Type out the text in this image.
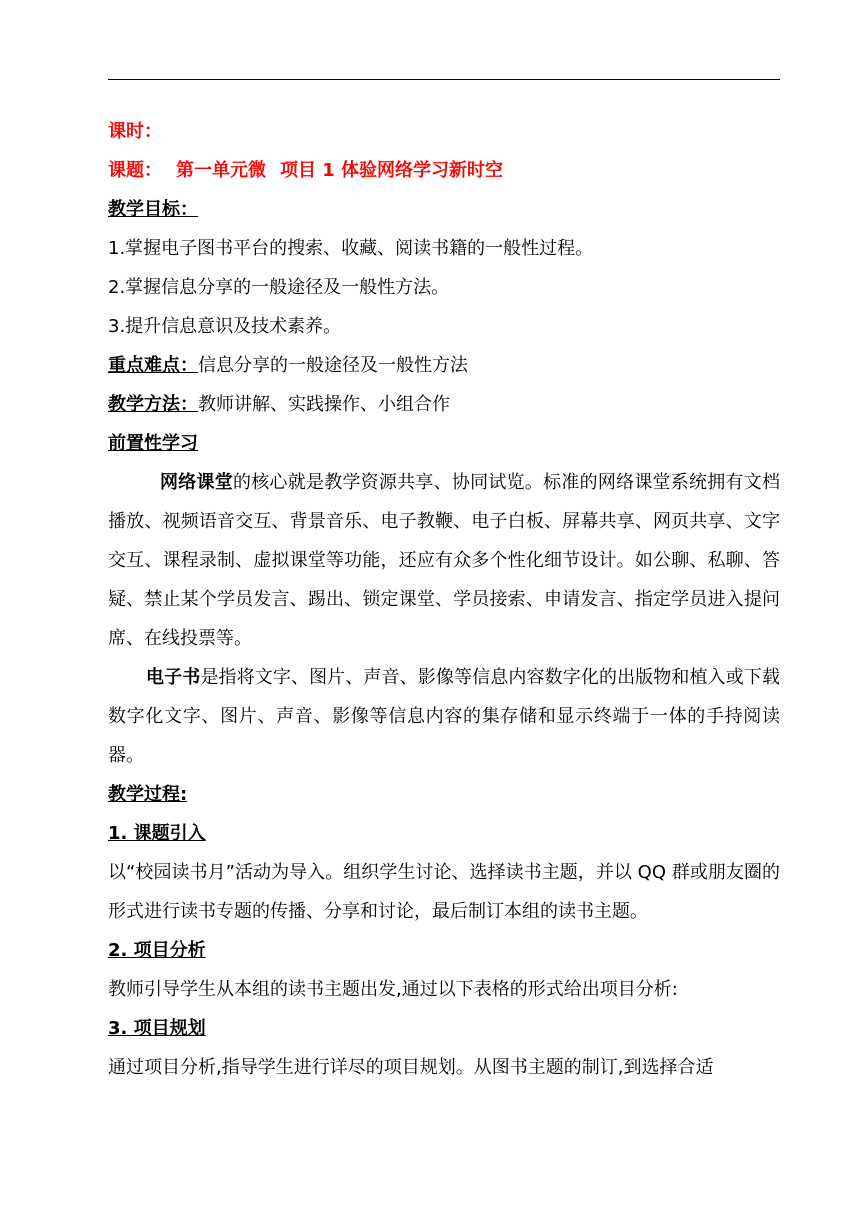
课时：
课题： 第一单元微 项目 1 体验网络学习新时空
教学目标：
1.掌握电子图书平台的搜索、收藏、阅读书籍的一般性过程。
2.掌握信息分享的一般途径及一般性方法。
3.提升信息意识及技术素养。
重点难点：信息分享的一般途径及一般性方法
教学方法：教师讲解、实践操作、小组合作
前置性学习
网络课堂的核心就是教学资源共享、协同试览。标准的网络课堂系统拥有文档播放、视频语音交互、背景音乐、电子教鞭、电子白板、屏幕共享、网页共享、文字交互、课程录制、虚拟课堂等功能，还应有众多个性化细节设计。如公聊、私聊、答疑、禁止某个学员发言、踢出、锁定课堂、学员接索、申请发言、指定学员进入提问席、在线投票等。
电子书是指将文字、图片、声音、影像等信息内容数字化的出版物和植入或下载数字化文字、图片、声音、影像等信息内容的集存储和显示终端于一体的手持阅读器。
教学过程:
1. 课题引入
以“校园读书月”活动为导入。组织学生讨论、选择读书主题，并以 QQ 群或朋友圈的形式进行读书专题的传播、分享和讨论，最后制订本组的读书主题。
2. 项目分析
教师引导学生从本组的读书主题出发,通过以下表格的形式给出项目分析:
3. 项目规划
通过项目分析,指导学生进行详尽的项目规划。从图书主题的制订,到选择合适
